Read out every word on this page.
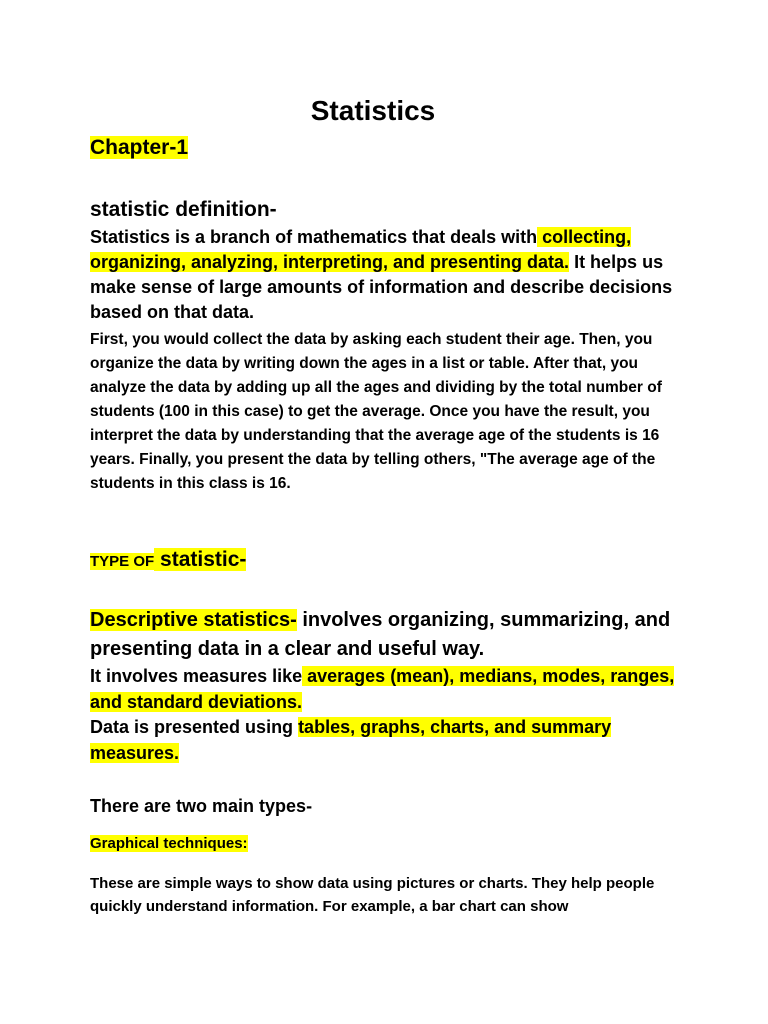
Statistics
Chapter-1
statistic definition-
Statistics is a branch of mathematics that deals with collecting, organizing, analyzing, interpreting, and presenting data. It helps us make sense of large amounts of information and describe decisions based on that data.
First, you would collect the data by asking each student their age. Then, you organize the data by writing down the ages in a list or table. After that, you analyze the data by adding up all the ages and dividing by the total number of students (100 in this case) to get the average. Once you have the result, you interpret the data by understanding that the average age of the students is 16 years. Finally, you present the data by telling others, "The average age of the students in this class is 16.
TYPE OF statistic-
Descriptive statistics- involves organizing, summarizing, and presenting data in a clear and useful way.
It involves measures like averages (mean), medians, modes, ranges, and standard deviations.
Data is presented using tables, graphs, charts, and summary measures.
There are two main types-
Graphical techniques:
These are simple ways to show data using pictures or charts. They help people quickly understand information. For example, a bar chart can show
